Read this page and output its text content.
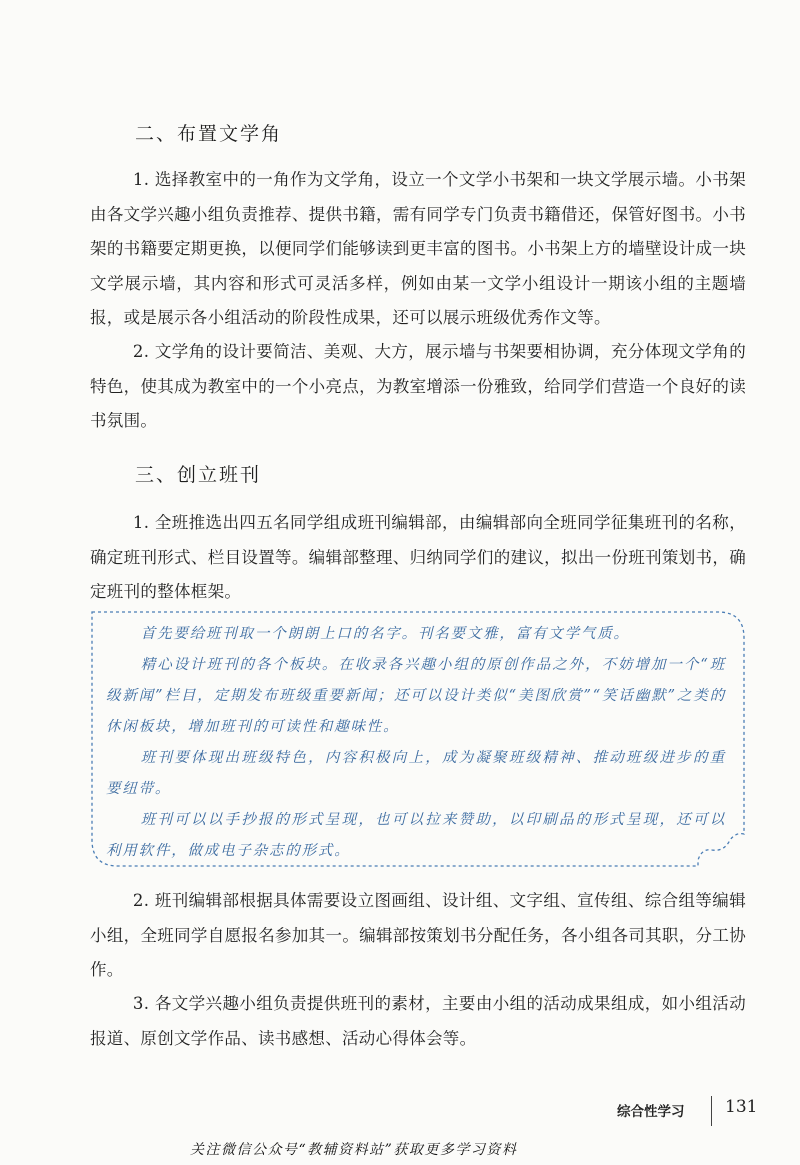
二、布置文学角

1. 选择教室中的一角作为文学角，设立一个文学小书架和一块文学展示墙。小书架由各文学兴趣小组负责推荐、提供书籍，需有同学专门负责书籍借还，保管好图书。小书架的书籍要定期更换，以便同学们能够读到更丰富的图书。小书架上方的墙壁设计成一块文学展示墙，其内容和形式可灵活多样，例如由某一文学小组设计一期该小组的主题墙报，或是展示各小组活动的阶段性成果，还可以展示班级优秀作文等。

2. 文学角的设计要简洁、美观、大方，展示墙与书架要相协调，充分体现文学角的特色，使其成为教室中的一个小亮点，为教室增添一份雅致，给同学们营造一个良好的读书氛围。

三、创立班刊

1. 全班推选出四五名同学组成班刊编辑部，由编辑部向全班同学征集班刊的名称，确定班刊形式、栏目设置等。编辑部整理、归纳同学们的建议，拟出一份班刊策划书，确定班刊的整体框架。

首先要给班刊取一个朗朗上口的名字。刊名要文雅，富有文学气质。

精心设计班刊的各个板块。在收录各兴趣小组的原创作品之外，不妨增加一个“班级新闻”栏目，定期发布班级重要新闻；还可以设计类似“美图欣赏”“笑话幽默”之类的休闲板块，增加班刊的可读性和趣味性。

班刊要体现出班级特色，内容积极向上，成为凝聚班级精神、推动班级进步的重要纽带。

班刊可以以手抄报的形式呈现，也可以拉来赞助，以印刷品的形式呈现，还可以利用软件，做成电子杂志的形式。

2. 班刊编辑部根据具体需要设立图画组、设计组、文字组、宣传组、综合组等编辑小组，全班同学自愿报名参加其一。编辑部按策划书分配任务，各小组各司其职，分工协作。

3. 各文学兴趣小组负责提供班刊的素材，主要由小组的活动成果组成，如小组活动报道、原创文学作品、读书感想、活动心得体会等。

综合性学习 131
关注微信公众号“教辅资料站”获取更多学习资料
